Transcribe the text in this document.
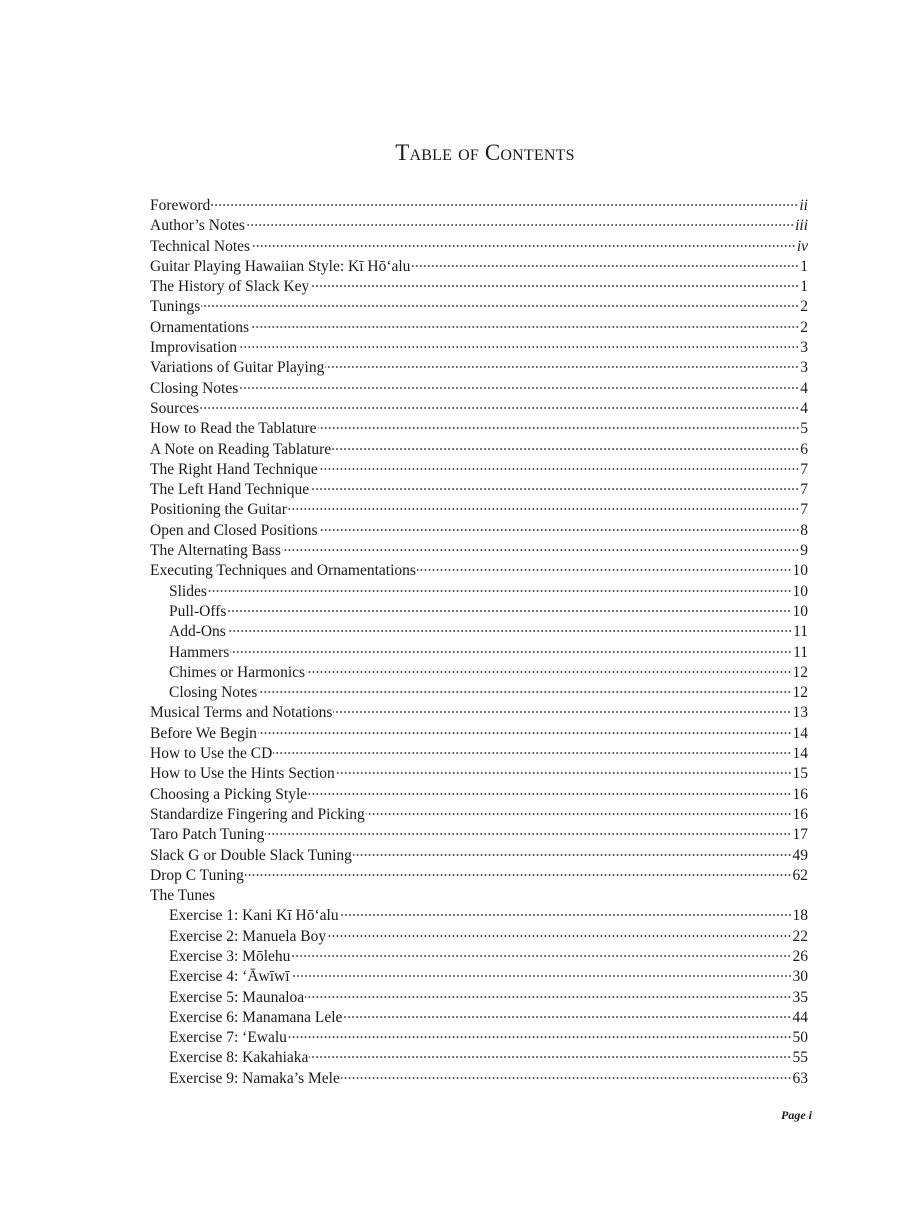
Table of Contents
Foreword	ii
Author’s Notes	iii
Technical Notes	iv
Guitar Playing Hawaiian Style: Kī Hō‘alu	1
The History of Slack Key	1
Tunings	2
Ornamentations	2
Improvisation	3
Variations of Guitar Playing	3
Closing Notes	4
Sources	4
How to Read the Tablature	5
A Note on Reading Tablature	6
The Right Hand Technique	7
The Left Hand Technique	7
Positioning the Guitar	7
Open and Closed Positions	8
The Alternating Bass	9
Executing Techniques and Ornamentations	10
Slides	10
Pull-Offs	10
Add-Ons	11
Hammers	11
Chimes or Harmonics	12
Closing Notes	12
Musical Terms and Notations	13
Before We Begin	14
How to Use the CD	14
How to Use the Hints Section	15
Choosing a Picking Style	16
Standardize Fingering and Picking	16
Taro Patch Tuning	17
Slack G or Double Slack Tuning	49
Drop C Tuning	62
The Tunes
Exercise 1: Kani Kī Hō‘alu	18
Exercise 2: Manuela Boy	22
Exercise 3: Mōlehu	26
Exercise 4: ‘Āwīwī	30
Exercise 5: Maunaloa	35
Exercise 6: Manamana Lele	44
Exercise 7: ‘Ewalu	50
Exercise 8: Kakahiaka	55
Exercise 9: Namaka’s Mele	63
Page i
